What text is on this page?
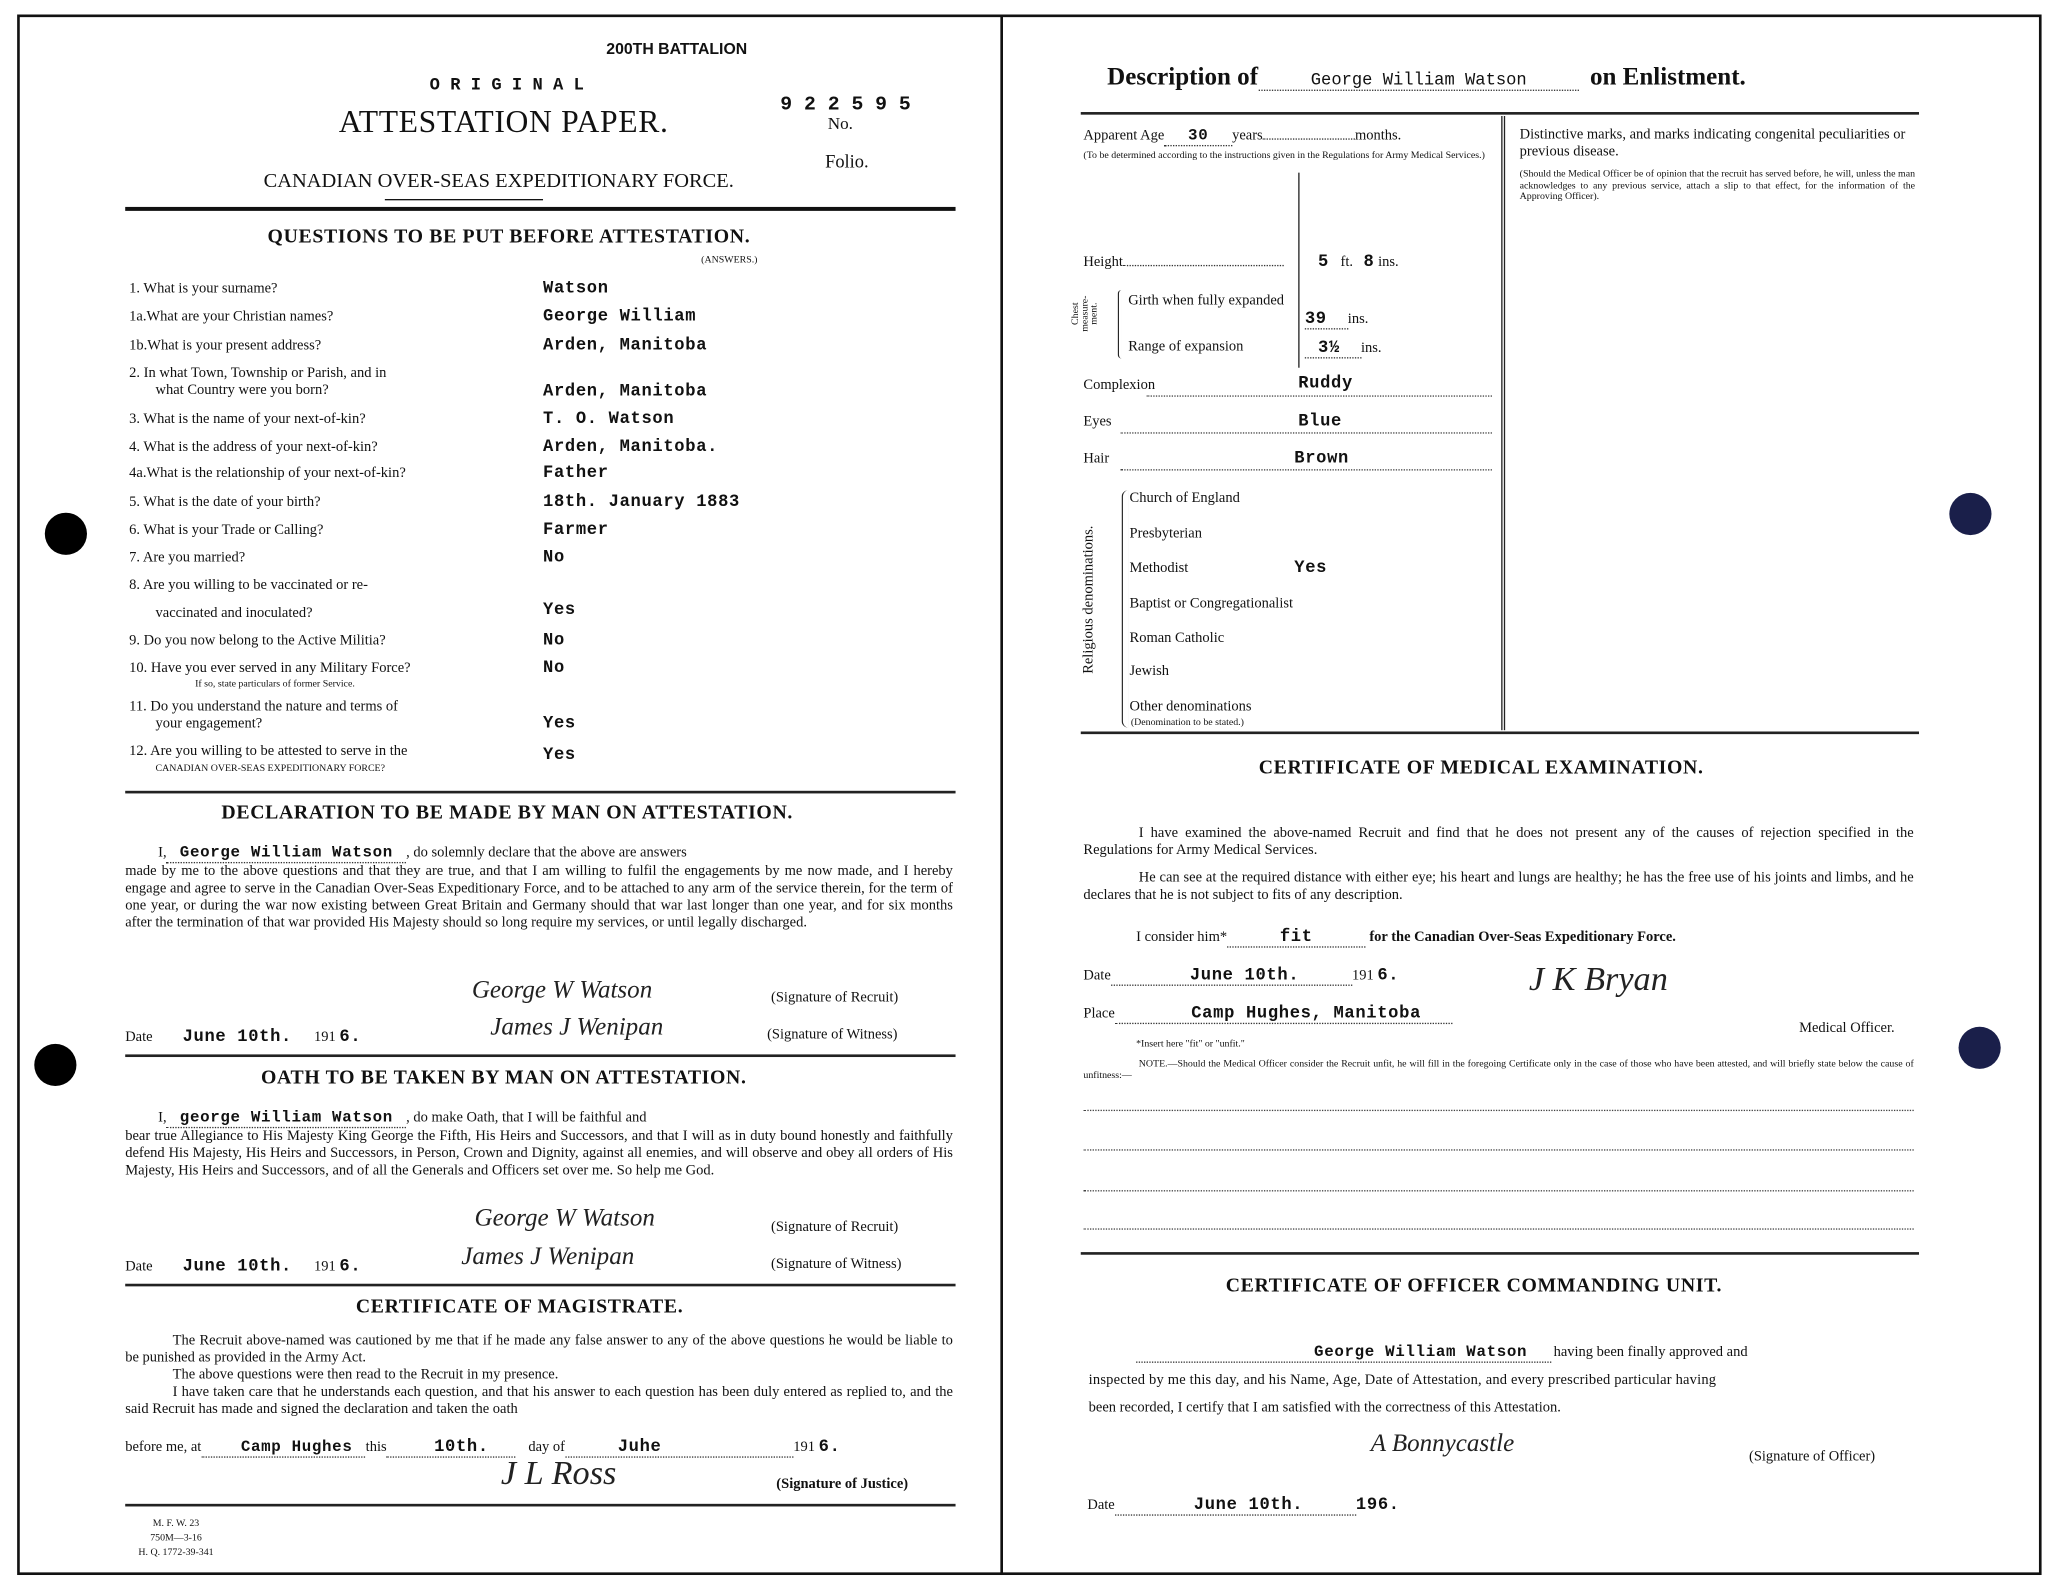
200TH BATTALION
O R I G I N A L
ATTESTATION PAPER.
9 2 2 5 9 5
No.
Folio.
CANADIAN OVER-SEAS EXPEDITIONARY FORCE.
QUESTIONS TO BE PUT BEFORE ATTESTATION.
(ANSWERS.)
1. What is your surname?	Watson
1a.What are your Christian names?	George William
1b.What is your present address?	Arden, Manitoba
2. In what Town, Township or Parish, and in
what Country were you born?	Arden, Manitoba
3. What is the name of your next-of-kin?	T. O. Watson
4. What is the address of your next-of-kin?	Arden, Manitoba.
4a.What is the relationship of your next-of-kin?	Father
5. What is the date of your birth?	18th. January 1883
6. What is your Trade or Calling?	Farmer
7. Are you married?	No
8. Are you willing to be vaccinated or re-
vaccinated and inoculated?	Yes
9. Do you now belong to the Active Militia?	No
10. Have you ever served in any Military Force?
If so, state particulars of former Service.
No
11. Do you understand the nature and terms of
your engagement?	Yes
12. Are you willing to be attested to serve in the
CANADIAN OVER-SEAS EXPEDITIONARY FORCE?
Yes
DECLARATION TO BE MADE BY MAN ON ATTESTATION.
I, George William Watson , do solemnly declare that the above are answers
made by me to the above questions and that they are true, and that I am willing to fulfil the engagements by me now made, and I hereby engage and agree to serve in the Canadian Over-Seas Expeditionary Force, and to be attached to any arm of the service therein, for the term of one year, or during the war now existing between Great Britain and Germany should that war last longer than one year, and for six months after the termination of that war provided His Majesty should so long require my services, or until legally discharged.
George W Watson	(Signature of Recruit)
Date June 10th. 191 6.	James J Wenipan	(Signature of Witness)
OATH TO BE TAKEN BY MAN ON ATTESTATION.
I, george William Watson , do make Oath, that I will be faithful and
bear true Allegiance to His Majesty King George the Fifth, His Heirs and Successors, and that I will as in duty bound honestly and faithfully defend His Majesty, His Heirs and Successors, in Person, Crown and Dignity, against all enemies, and will observe and obey all orders of His Majesty, His Heirs and Successors, and of all the Generals and Officers set over me. So help me God.
George W Watson	(Signature of Recruit)
Date June 10th. 191 6.	James J Wenipan	(Signature of Witness)
CERTIFICATE OF MAGISTRATE.
The Recruit above-named was cautioned by me that if he made any false answer to any of the above questions he would be liable to be punished as provided in the Army Act.
The above questions were then read to the Recruit in my presence.
I have taken care that he understands each question, and that his answer to each question has been duly entered as replied to, and the said Recruit has made and signed the declaration and taken the oath
before me, at	Camp Hughes this	10th.	day of	Juhe	191 6.
J L Ross	(Signature of Justice)
M. F. W. 23
750M—3-16
H. Q. 1772-39-341
Description of	George William Watson	on Enlistment.
Apparent Age 30 years	months.
(To be determined according to the instructions given in the Regulations for Army Medical Services.)
Distinctive marks, and marks indicating congenital peculiarities or previous disease.
(Should the Medical Officer be of opinion that the recruit has served before, he will, unless the man acknowledges to any previous service, attach a slip to that effect, for the information of the Approving Officer).
Height	5 ft. 8 ins.
Chest measure-ment.
Girth when fully expanded
39 ins.
Range of expansion	3½ ins.
Complexion	Ruddy
Eyes	Blue
Hair	Brown
Religious denominations.
Church of England
Presbyterian
Methodist	Yes
Baptist or Congregationalist
Roman Catholic
Jewish
Other denominations
(Denomination to be stated.)
CERTIFICATE OF MEDICAL EXAMINATION.
I have examined the above-named Recruit and find that he does not present any of the causes of rejection specified in the Regulations for Army Medical Services.
He can see at the required distance with either eye; his heart and lungs are healthy; he has the free use of his joints and limbs, and he declares that he is not subject to fits of any description.
I consider him*	fit	for the Canadian Over-Seas Expeditionary Force.
Date	June 10th.	191 6.
Place	Camp Hughes, Manitoba
J K Bryan
Medical Officer.
*Insert here "fit" or "unfit."
NOTE.—Should the Medical Officer consider the Recruit unfit, he will fill in the foregoing Certificate only in the case of those who have been attested, and will briefly state below the cause of unfitness:—
CERTIFICATE OF OFFICER COMMANDING UNIT.
George William Watson having been finally approved and
inspected by me this day, and his Name, Age, Date of Attestation, and every prescribed particular having
been recorded, I certify that I am satisfied with the correctness of this Attestation.
A Bonnycastle	(Signature of Officer)
Date	June 10th.	196.
